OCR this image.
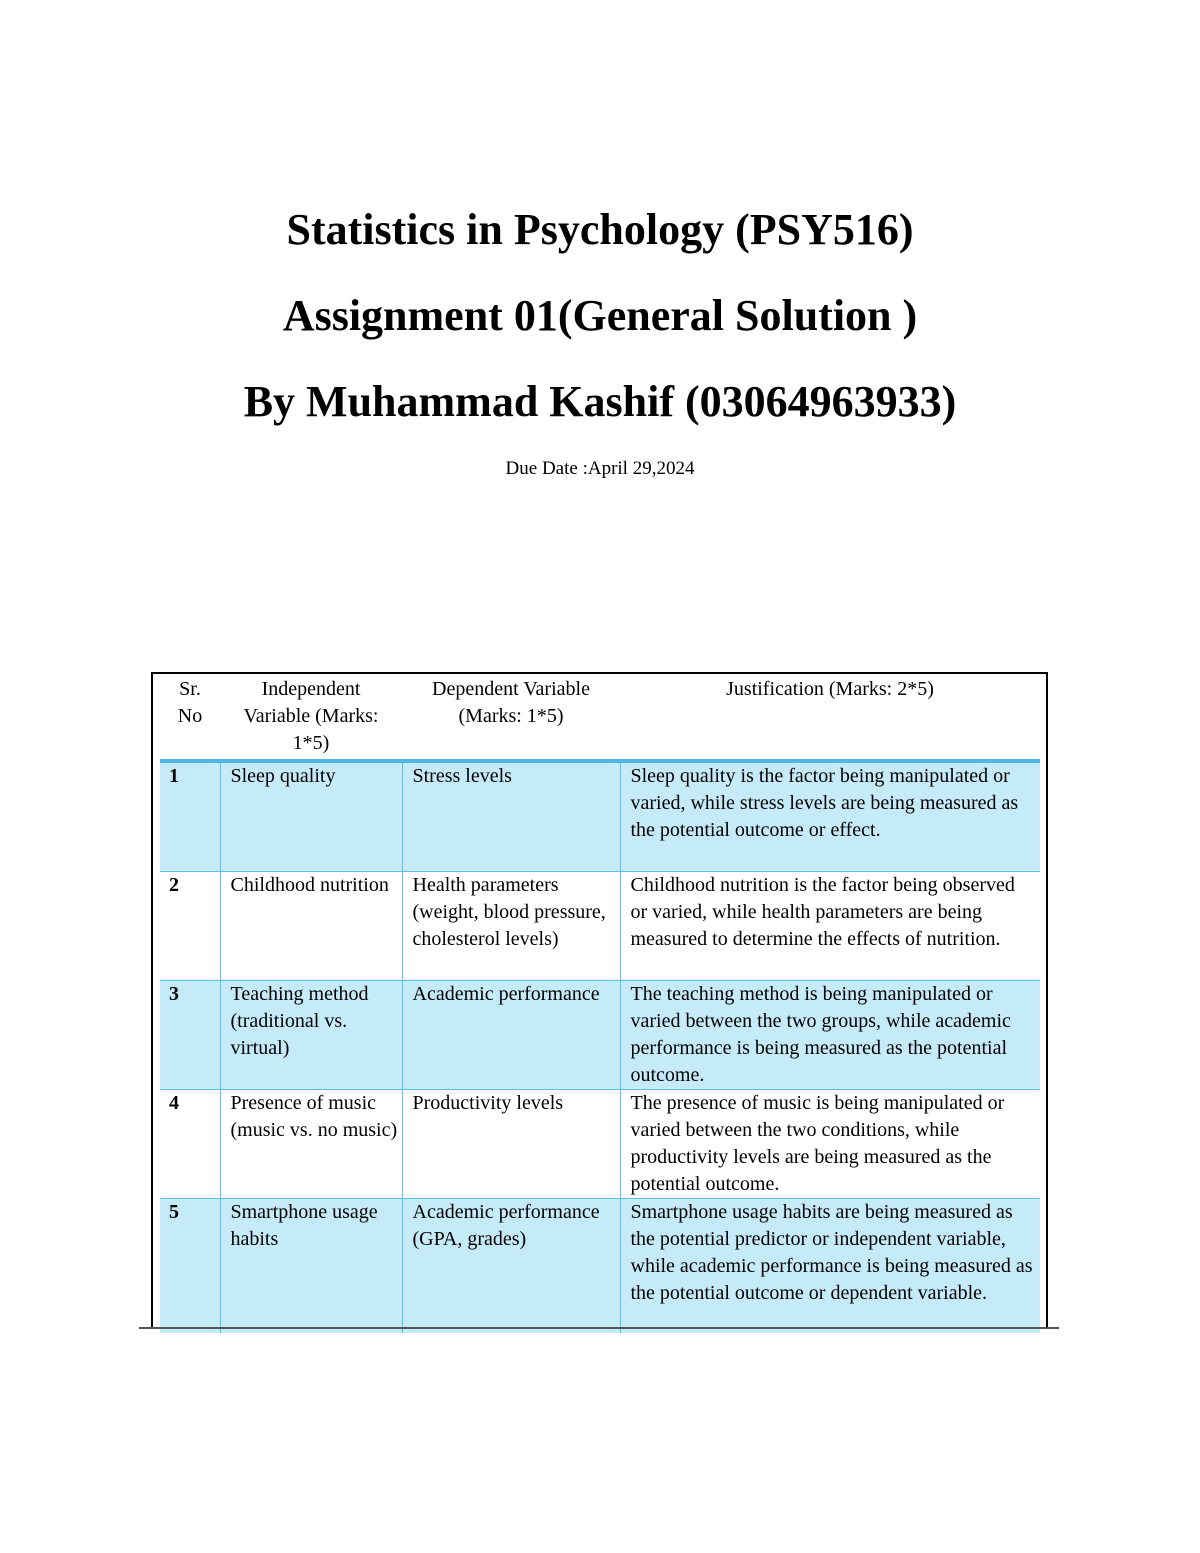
Statistics in Psychology (PSY516)
Assignment 01(General Solution )
By Muhammad Kashif (03064963933)
Due Date :April 29,2024
Sr. No	Independent Variable (Marks: 1*5)	Dependent Variable (Marks: 1*5)	Justification (Marks: 2*5)
1	Sleep quality	Stress levels	Sleep quality is the factor being manipulated or varied, while stress levels are being measured as the potential outcome or effect.
2	Childhood nutrition	Health parameters (weight, blood pressure, cholesterol levels)	Childhood nutrition is the factor being observed or varied, while health parameters are being measured to determine the effects of nutrition.
3	Teaching method (traditional vs. virtual)	Academic performance	The teaching method is being manipulated or varied between the two groups, while academic performance is being measured as the potential outcome.
4	Presence of music (music vs. no music)	Productivity levels	The presence of music is being manipulated or varied between the two conditions, while productivity levels are being measured as the potential outcome.
5	Smartphone usage habits	Academic performance (GPA, grades)	Smartphone usage habits are being measured as the potential predictor or independent variable, while academic performance is being measured as the potential outcome or dependent variable.
